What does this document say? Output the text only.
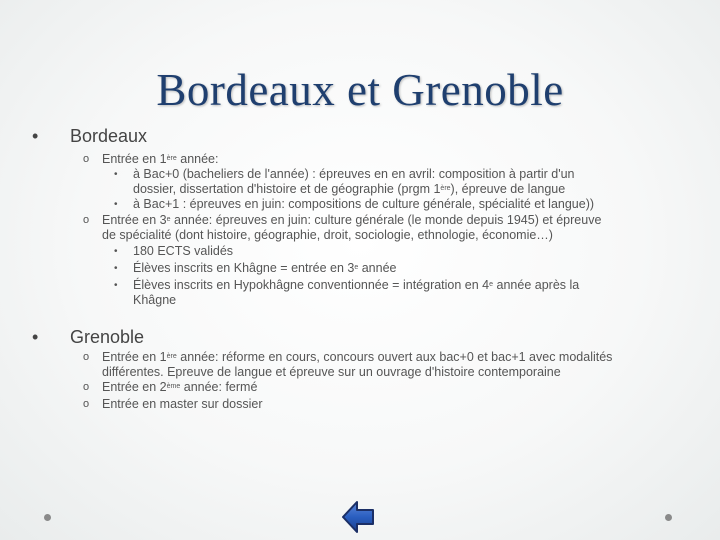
Bordeaux et Grenoble
• Bordeaux
o Entrée en 1ère année:
• à Bac+0 (bacheliers de l'année) : épreuves en en avril: composition à partir d'un
dossier, dissertation d'histoire et de géographie (prgm 1ère), épreuve de langue
• à Bac+1 : épreuves en juin: compositions de culture générale, spécialité et langue))
o Entrée en 3e année: épreuves en juin: culture générale (le monde depuis 1945) et épreuve
de spécialité (dont histoire, géographie, droit, sociologie, ethnologie, économie…)
• 180 ECTS validés
• Élèves inscrits en Khâgne = entrée en 3e année
• Élèves inscrits en Hypokhâgne conventionnée = intégration en 4e année après la
Khâgne
• Grenoble
o Entrée en 1ère année: réforme en cours, concours ouvert aux bac+0 et bac+1 avec modalités
différentes. Epreuve de langue et épreuve sur un ouvrage d'histoire contemporaine
o Entrée en 2ème année: fermé
o Entrée en master sur dossier
